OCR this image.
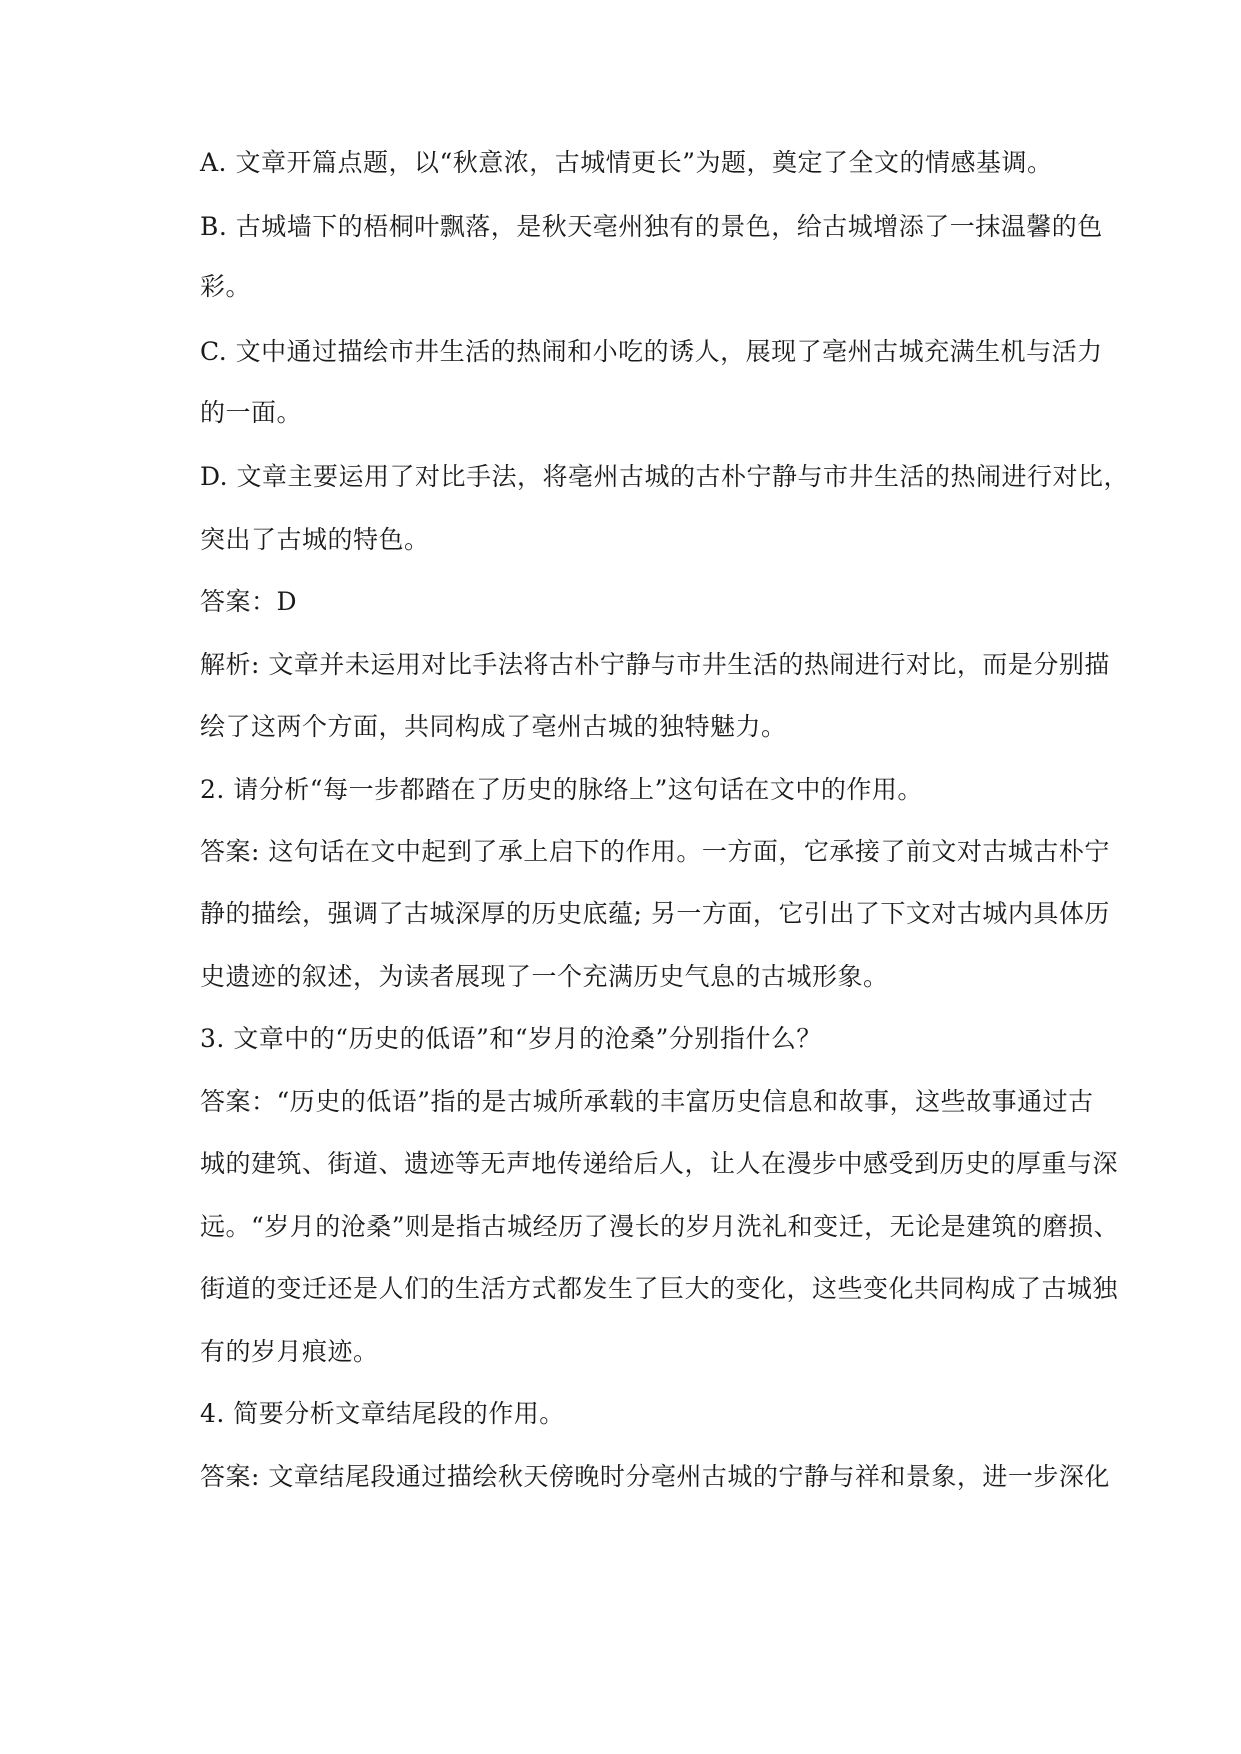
A. 文章开篇点题，以“秋意浓，古城情更长”为题，奠定了全文的情感基调。
B. 古城墙下的梧桐叶飘落，是秋天亳州独有的景色，给古城增添了一抹温馨的色
彩。
C. 文中通过描绘市井生活的热闹和小吃的诱人，展现了亳州古城充满生机与活力
的一面。
D. 文章主要运用了对比手法，将亳州古城的古朴宁静与市井生活的热闹进行对比，
突出了古城的特色。
答案：D
解析: 文章并未运用对比手法将古朴宁静与市井生活的热闹进行对比，而是分别描
绘了这两个方面，共同构成了亳州古城的独特魅力。
2. 请分析“每一步都踏在了历史的脉络上”这句话在文中的作用。
答案: 这句话在文中起到了承上启下的作用。一方面，它承接了前文对古城古朴宁
静的描绘，强调了古城深厚的历史底蕴; 另一方面，它引出了下文对古城内具体历
史遗迹的叙述，为读者展现了一个充满历史气息的古城形象。
3. 文章中的“历史的低语”和“岁月的沧桑”分别指什么？
答案：“历史的低语”指的是古城所承载的丰富历史信息和故事，这些故事通过古
城的建筑、街道、遗迹等无声地传递给后人，让人在漫步中感受到历史的厚重与深
远。“岁月的沧桑”则是指古城经历了漫长的岁月洗礼和变迁，无论是建筑的磨损、
街道的变迁还是人们的生活方式都发生了巨大的变化，这些变化共同构成了古城独
有的岁月痕迹。
4. 简要分析文章结尾段的作用。
答案: 文章结尾段通过描绘秋天傍晚时分亳州古城的宁静与祥和景象，进一步深化
